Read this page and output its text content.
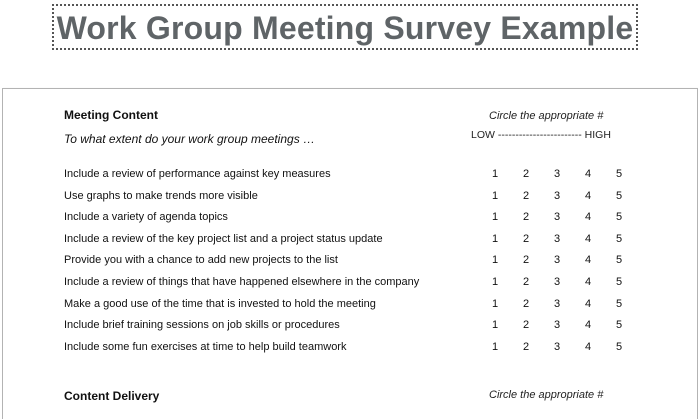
Work Group Meeting Survey Example
Meeting Content	Circle the appropriate #
To what extent do your work group meetings …	LOW ------------------------ HIGH
Include a review of performance against key measures	1 2 3 4 5
Use graphs to make trends more visible	1 2 3 4 5
Include a variety of agenda topics	1 2 3 4 5
Include a review of the key project list and a project status update	1 2 3 4 5
Provide you with a chance to add new projects to the list	1 2 3 4 5
Include a review of things that have happened elsewhere in the company	1 2 3 4 5
Make a good use of the time that is invested to hold the meeting	1 2 3 4 5
Include brief training sessions on job skills or procedures	1 2 3 4 5
Include some fun exercises at time to help build teamwork	1 2 3 4 5
Content Delivery	Circle the appropriate #
